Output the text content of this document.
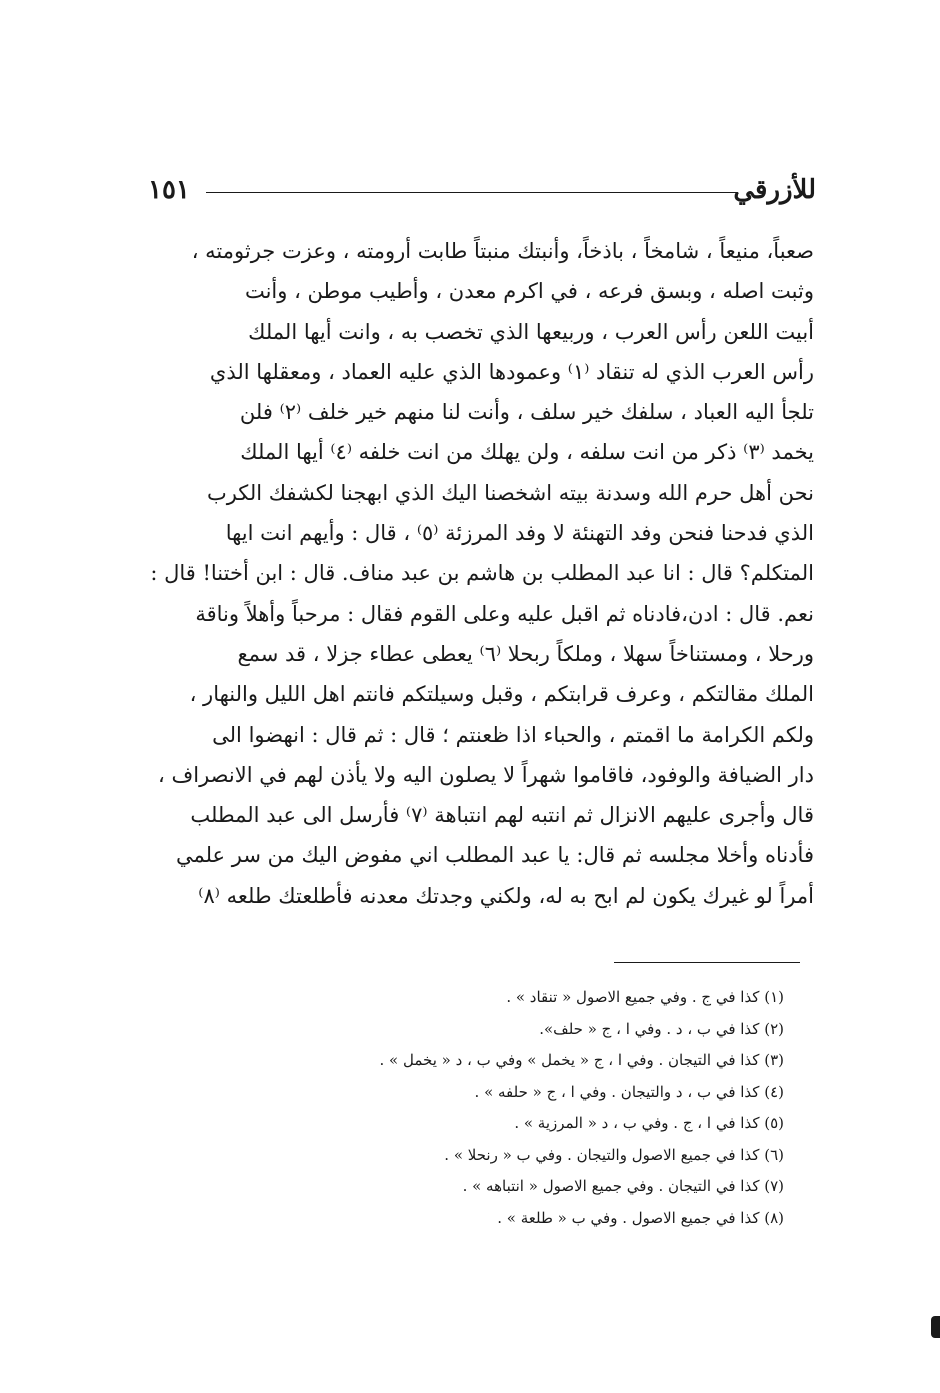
للأزرقي
١٥١
صعباً، منيعاً ، شامخاً ، باذخاً، وأنبتك منبتاً طابت أرومته ، وعزت جرثومته ،
وثبت اصله ، وبسق فرعه ، في اكرم معدن ، وأطيب موطن ، وأنت
أبيت اللعن رأس العرب ، وربيعها الذي تخصب به ، وانت أيها الملك
رأس العرب الذي له تنقاد ⁽١⁾ وعمودها الذي عليه العماد ، ومعقلها الذي
تلجأ اليه العباد ، سلفك خير سلف ، وأنت لنا منهم خير خلف ⁽٢⁾ فلن
يخمد ⁽٣⁾ ذكر من انت سلفه ، ولن يهلك من انت خلفه ⁽٤⁾ أيها الملك
نحن أهل حرم الله وسدنة بيته اشخصنا اليك الذي ابهجنا لكشفك الكرب
الذي فدحنا فنحن وفد التهنئة لا وفد المرزئة ⁽٥⁾ ، قال : وأيهم انت ايها
المتكلم؟ قال : انا عبد المطلب بن هاشم بن عبد مناف. قال : ابن أختنا! قال :
نعم. قال : ادن،فادناه ثم اقبل عليه وعلى القوم فقال : مرحباً وأهلاً وناقة
ورحلا ، ومستناخاً سهلا ، وملكاً ربحلا ⁽٦⁾ يعطى عطاء جزلا ، قد سمع
الملك مقالتكم ، وعرف قرابتكم ، وقبل وسيلتكم فانتم اهل الليل والنهار ،
ولكم الكرامة ما اقمتم ، والحباء اذا ظعنتم ؛ قال : ثم قال : انهضوا الى
دار الضيافة والوفود، فاقاموا شهراً لا يصلون اليه ولا يأذن لهم في الانصراف ،
قال وأجرى عليهم الانزال ثم انتبه لهم انتباهة ⁽٧⁾ فأرسل الى عبد المطلب
فأدناه وأخلا مجلسه ثم قال: يا عبد المطلب اني مفوض اليك من سر علمي
أمراً لو غيرك يكون لم ابح به له، ولكني وجدتك معدنه فأطلعتك طلعه ⁽٨⁾
(١) كذا في ج . وفي جميع الاصول « تنقاد » .
(٢) كذا في ب ، د . وفي ا ، ج « حلف».
(٣) كذا في التيجان . وفي ا ، ج « يخمل » وفي ب ، د « يخمل » .
(٤) كذا في ب ، د والتيجان . وفي ا ، ج « حلفه » .
(٥) كذا في ا ، ج . وفي ب ، د « المرزية » .
(٦) كذا في جميع الاصول والتيجان . وفي ب « رنحلا » .
(٧) كذا في التيجان . وفي جميع الاصول « انتباهه » .
(٨) كذا في جميع الاصول . وفي ب « طلعة » .
